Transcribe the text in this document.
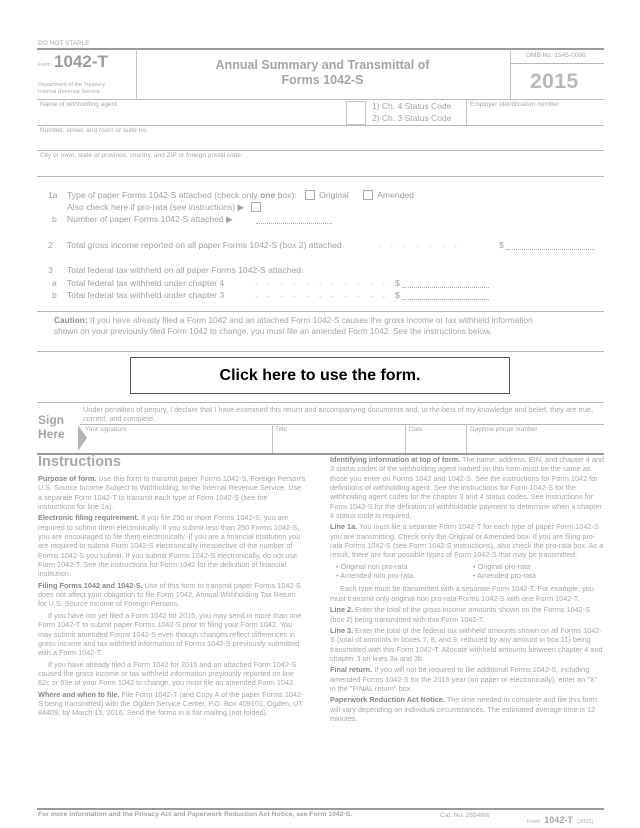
DO NOT STAPLE
Form 1042-T
Department of the Treasury
Internal Revenue Service
Annual Summary and Transmittal of
Forms 1042-S
OMB No. 1545-0096
2015
Name of withholding agent	1) Ch. 4 Status Code
2) Ch. 3 Status Code
Employer identification number
Number, street, and room or suite no.
City or town, state or province, country, and ZIP or foreign postal code
1a Type of paper Forms 1042-S attached (check only one box):	Original	Amended
Also check here if pro-rata (see instructions) ▶
b Number of paper Forms 1042-S attached ▶
2 Total gross income reported on all paper Forms 1042-S (box 2) attached	. . . . . . .	$
3 Total federal tax withheld on all paper Forms 1042-S attached:
a Total federal tax withheld under chapter 4	. . . . . . . . . . . $
b Total federal tax withheld under chapter 3	. . . . . . . . . . . $
Caution: If you have already filed a Form 1042 and an attached Form 1042-S causes the gross income or tax withheld information shown on your previously filed Form 1042 to change, you must file an amended Form 1042. See the instructions below.
Click here to use the form.
Sign
Here
Under penalties of perjury, I declare that I have examined this return and accompanying documents and, to the best of my knowledge and belief, they are true, correct, and complete.
Your signature	Title	Date	Daytime phone number
Instructions

Purpose of form. Use this form to transmit paper Forms 1042-S, Foreign Person's U.S. Source Income Subject to Withholding, to the Internal Revenue Service. Use a separate Form 1042-T to transmit each type of Form 1042-S (see the instructions for line 1a).

Electronic filing requirement. If you file 250 or more Forms 1042-S, you are required to submit them electronically. If you submit less than 250 Forms 1042-S, you are encouraged to file them electronically. If you are a financial institution you are required to submit Form 1042-S electronically irrespective of the number of Forms 1042-S you submit. If you submit Forms 1042-S electronically, do not use Form 1042-T. See the instructions for Form 1042 for the definition of financial institution.

Filing Forms 1042 and 1042-S. Use of this form to transmit paper Forms 1042-S does not affect your obligation to file Form 1042, Annual Withholding Tax Return for U.S. Source Income of Foreign Persons.

If you have not yet filed a Form 1042 for 2015, you may send in more than one Form 1042-T to submit paper Forms 1042-S prior to filing your Form 1042. You may submit amended Forms 1042-S even though changes reflect differences in gross income and tax withheld information of Forms 1042-S previously submitted with a Form 1042-T.

If you have already filed a Form 1042 for 2015 and an attached Form 1042-S caused the gross income or tax withheld information previously reported on line 62c or 63e of your Form 1042 to change, you must file an amended Form 1042.

Where and when to file. File Form 1042-T (and Copy A of the paper Forms 1042-S being transmitted) with the Ogden Service Center, P.O. Box 409101, Ogden, UT 84409, by March 15, 2016. Send the forms in a flat mailing (not folded).

Identifying information at top of form. The name, address, EIN, and chapter 4 and 3 status codes of the withholding agent named on this form must be the same as those you enter on Forms 1042 and 1042-S. See the instructions for Form 1042 for definitions of withholding agent. See the instructions for Form 1042-S for the withholding agent codes for the chapter 3 and 4 status codes. See instructions for Form 1042-S for the definition of withholdable payment to determine when a chapter 4 status code is required.

Line 1a. You must file a separate Form 1042-T for each type of paper Form 1042-S you are transmitting. Check only the Original or Amended box. If you are filing pro-rata Forms 1042-S (see Form 1042-S instructions), also check the pro-rata box. As a result, there are four possible types of Form 1042-S that may be transmitted:

• Original non pro-rata	• Original pro-rata
• Amended non pro-rata	• Amended pro-rata

Each type must be transmitted with a separate Form 1042-T. For example, you must transmit only original non pro-rata Forms 1042-S with one Form 1042-T.

Line 2. Enter the total of the gross income amounts shown on the Forms 1042-S (box 2) being transmitted with this Form 1042-T.

Line 3. Enter the total of the federal tax withheld amounts shown on all Forms 1042-S (total of amounts in boxes 7, 8, and 9, reduced by any amount in box 11) being transmitted with this Form 1042-T. Allocate withheld amounts between chapter 4 and chapter 3 on lines 3a and 3b.

Final return. If you will not be required to file additional Forms 1042-S, including amended Forms 1042-S for the 2015 year (on paper or electronically), enter an "X" in the "FINAL return" box.

Paperwork Reduction Act Notice. The time needed to complete and file this form will vary depending on individual circumstances. The estimated average time is 12 minutes.

For more information and the Privacy Act and Paperwork Reduction Act Notice, see Form 1042-S.	Cat. No. 28848W
Form 1042-T (2015)
